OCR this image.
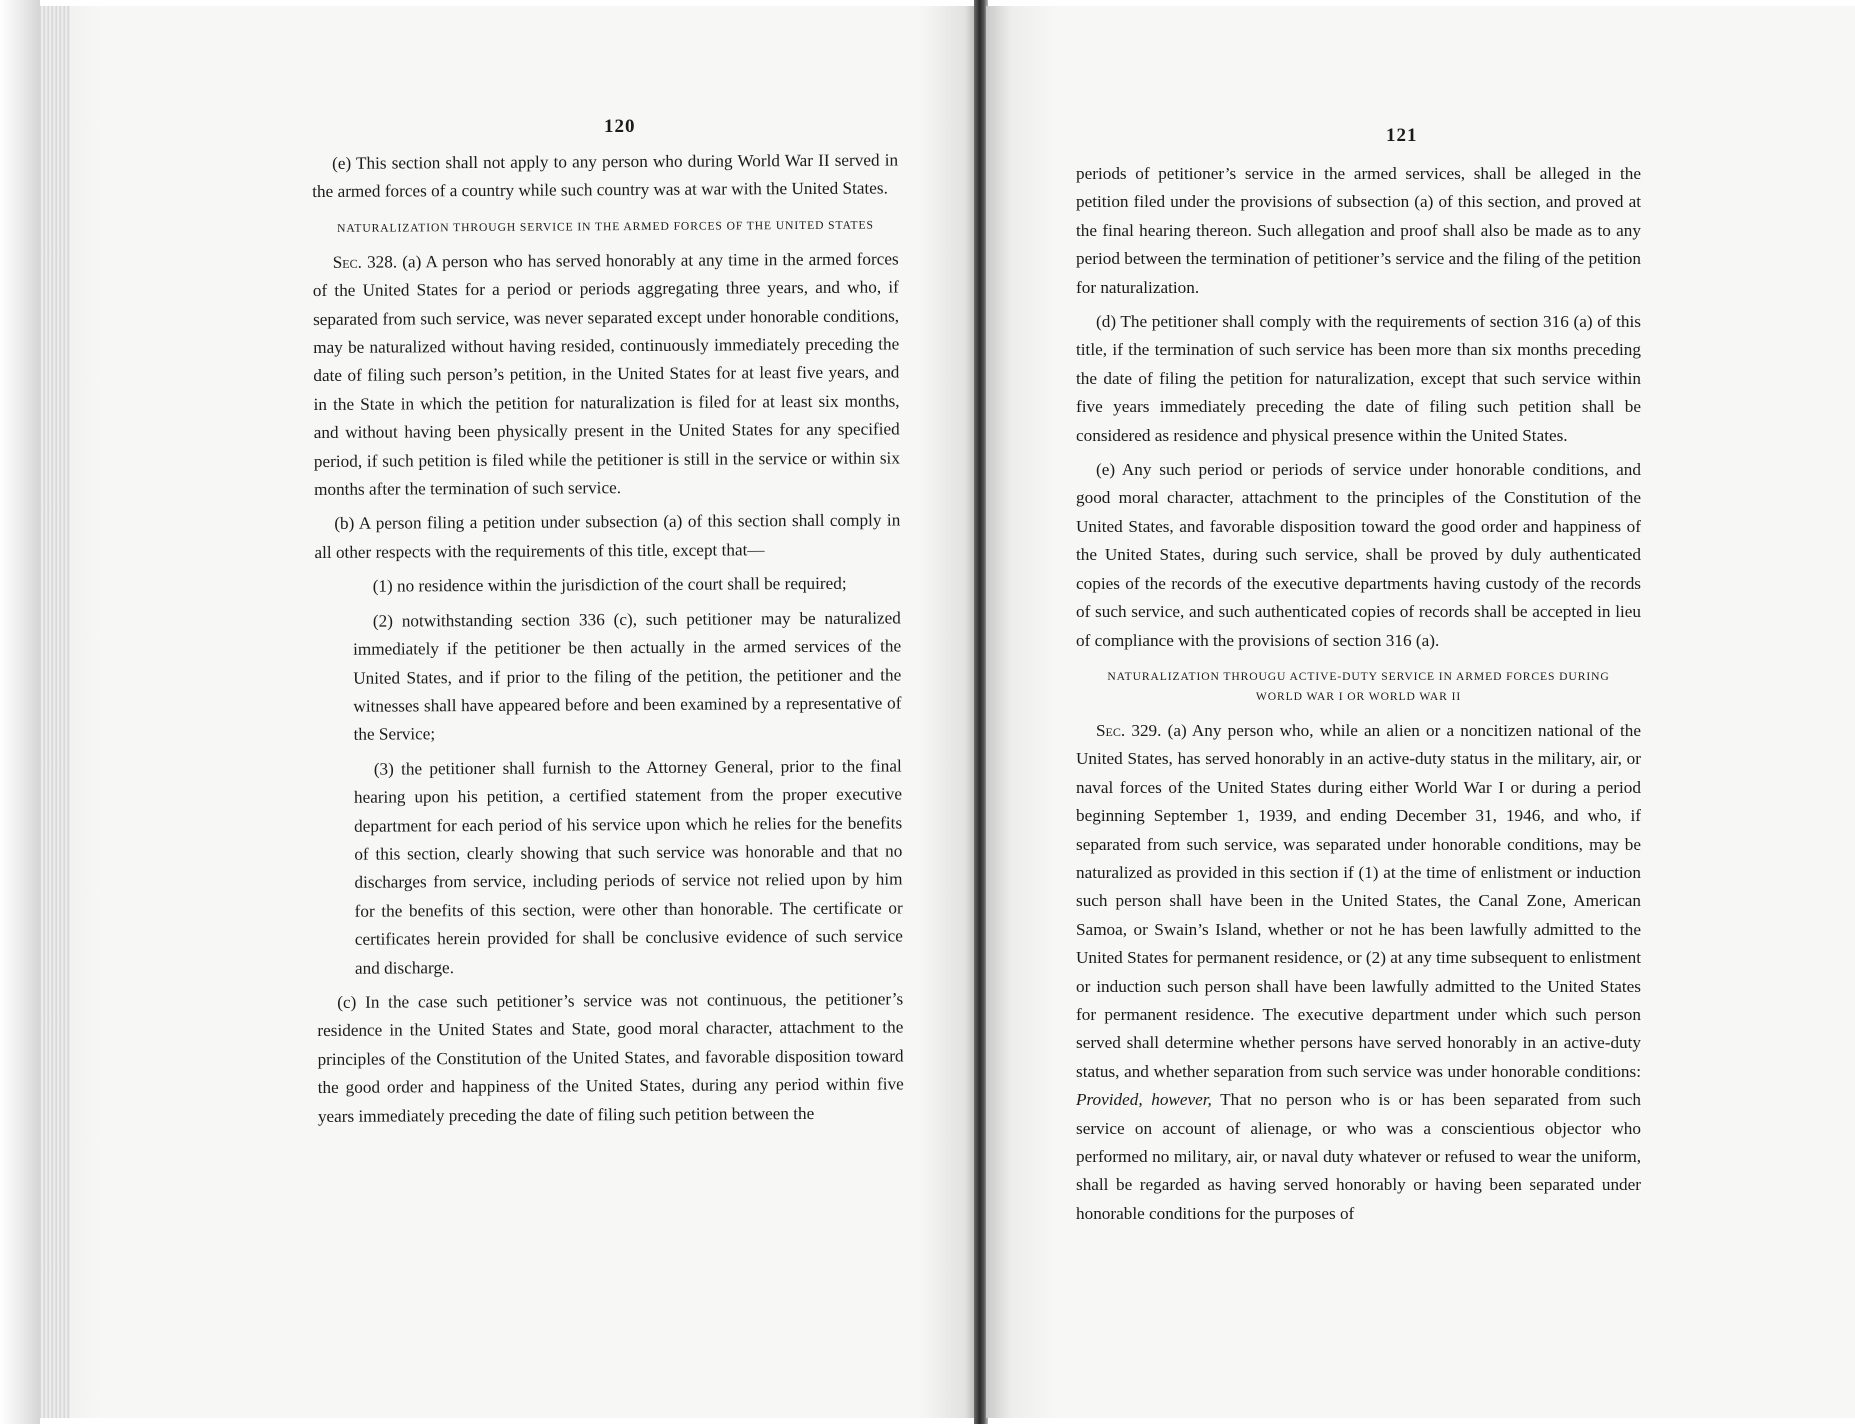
120	121

(e) This section shall not apply to any person who during World War II served in the armed forces of a country while such country was at war with the United States.

NATURALIZATION THROUGH SERVICE IN THE ARMED FORCES OF THE UNITED STATES

Sec. 328. (a) A person who has served honorably at any time in the armed forces of the United States for a period or periods aggregating three years, and who, if separated from such service, was never separated except under honorable conditions, may be naturalized without having resided, continuously immediately preceding the date of filing such person’s petition, in the United States for at least five years, and in the State in which the petition for naturalization is filed for at least six months, and without having been physically present in the United States for any specified period, if such petition is filed while the petitioner is still in the service or within six months after the termination of such service.

(b) A person filing a petition under subsection (a) of this section shall comply in all other respects with the requirements of this title, except that—

(1) no residence within the jurisdiction of the court shall be required;

(2) notwithstanding section 336 (c), such petitioner may be naturalized immediately if the petitioner be then actually in the armed services of the United States, and if prior to the filing of the petition, the petitioner and the witnesses shall have appeared before and been examined by a representative of the Service;

(3) the petitioner shall furnish to the Attorney General, prior to the final hearing upon his petition, a certified statement from the proper executive department for each period of his service upon which he relies for the benefits of this section, clearly showing that such service was honorable and that no discharges from service, including periods of service not relied upon by him for the benefits of this section, were other than honorable. The certificate or certificates herein provided for shall be conclusive evidence of such service and discharge.

(c) In the case such petitioner’s service was not continuous, the petitioner’s residence in the United States and State, good moral character, attachment to the principles of the Constitution of the United States, and favorable disposition toward the good order and happiness of the United States, during any period within five years immediately preceding the date of filing such petition between the

periods of petitioner’s service in the armed services, shall be alleged in the petition filed under the provisions of subsection (a) of this section, and proved at the final hearing thereon. Such allegation and proof shall also be made as to any period between the termination of petitioner’s service and the filing of the petition for naturalization.

(d) The petitioner shall comply with the requirements of section 316 (a) of this title, if the termination of such service has been more than six months preceding the date of filing the petition for naturalization, except that such service within five years immediately preceding the date of filing such petition shall be considered as residence and physical presence within the United States.

(e) Any such period or periods of service under honorable conditions, and good moral character, attachment to the principles of the Constitution of the United States, and favorable disposition toward the good order and happiness of the United States, during such service, shall be proved by duly authenticated copies of the records of the executive departments having custody of the records of such service, and such authenticated copies of records shall be accepted in lieu of compliance with the provisions of section 316 (a).

NATURALIZATION THROUGU ACTIVE-DUTY SERVICE IN ARMED FORCES DURING WORLD WAR I OR WORLD WAR II

Sec. 329. (a) Any person who, while an alien or a noncitizen national of the United States, has served honorably in an active-duty status in the military, air, or naval forces of the United States during either World War I or during a period beginning September 1, 1939, and ending December 31, 1946, and who, if separated from such service, was separated under honorable conditions, may be naturalized as provided in this section if (1) at the time of enlistment or induction such person shall have been in the United States, the Canal Zone, American Samoa, or Swain’s Island, whether or not he has been lawfully admitted to the United States for permanent residence, or (2) at any time subsequent to enlistment or induction such person shall have been lawfully admitted to the United States for permanent residence. The executive department under which such person served shall determine whether persons have served honorably in an active-duty status, and whether separation from such service was under honorable conditions: Provided, however, That no person who is or has been separated from such service on account of alienage, or who was a conscientious objector who performed no military, air, or naval duty whatever or refused to wear the uniform, shall be regarded as having served honorably or having been separated under honorable conditions for the purposes of
